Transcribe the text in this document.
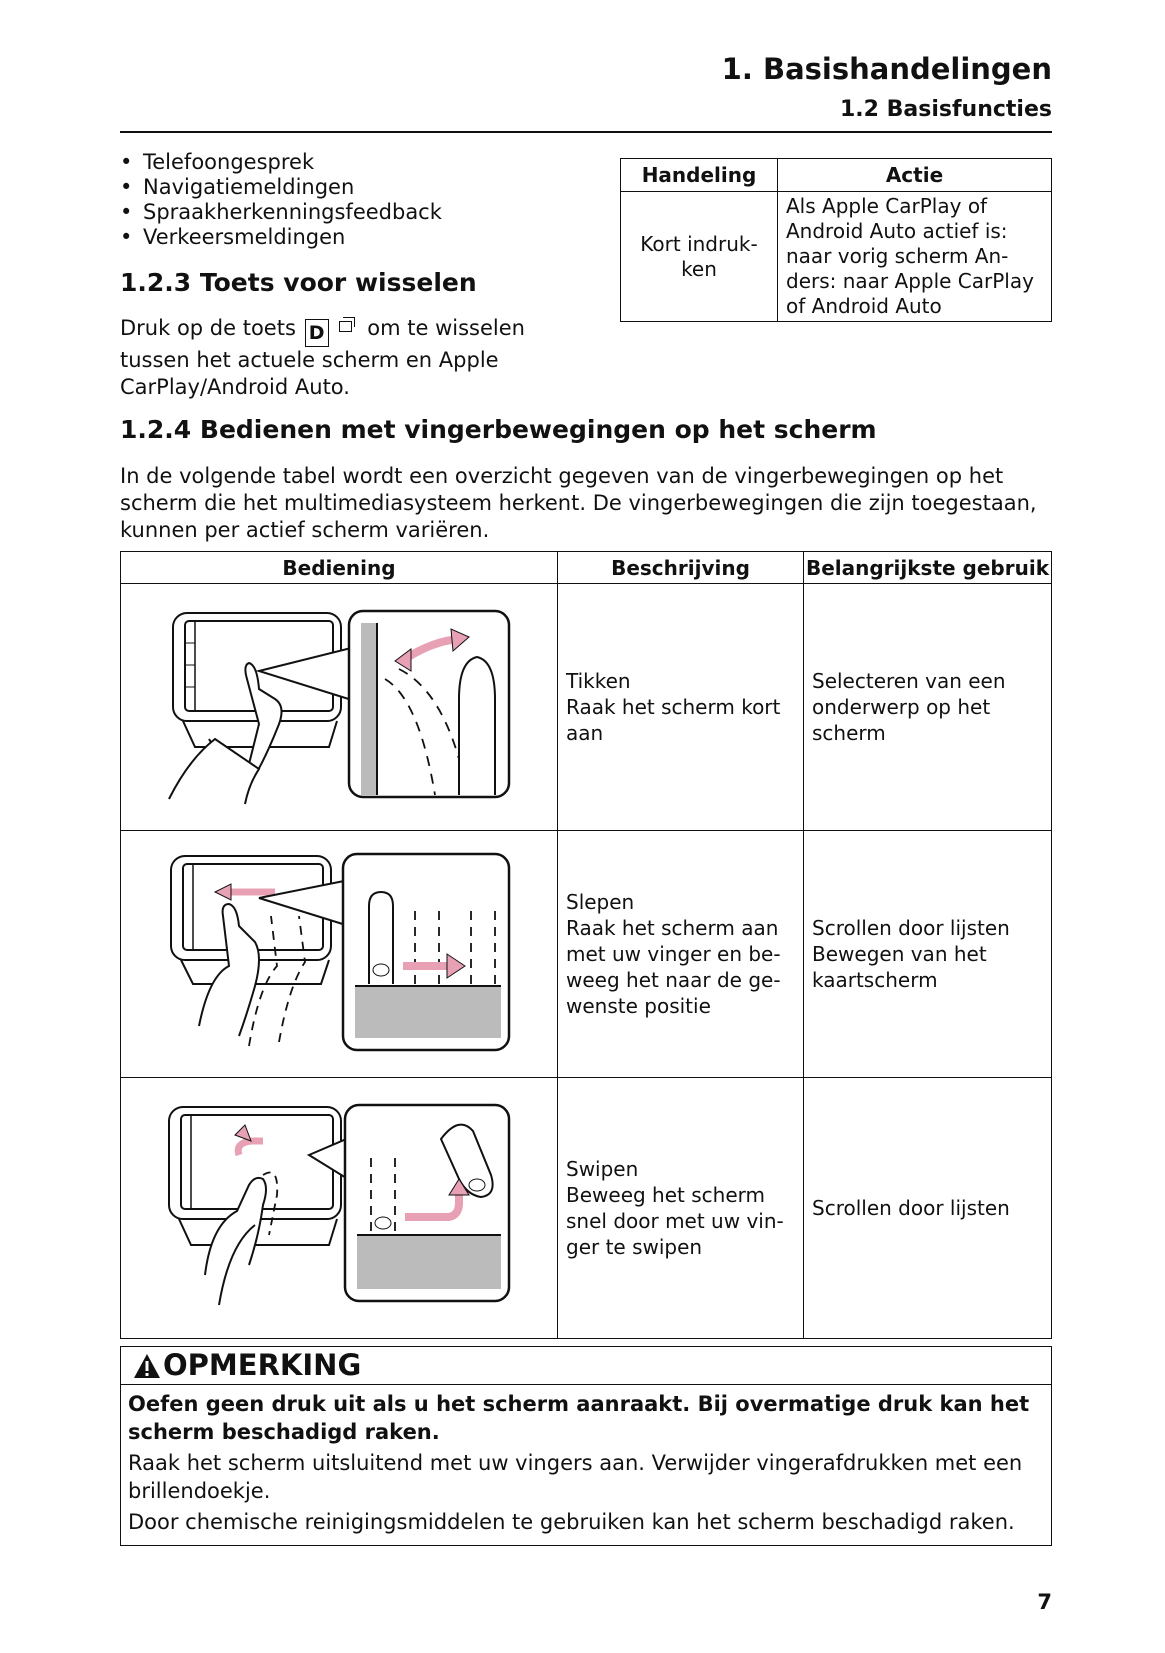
1. Basishandelingen
1.2 Basisfuncties
• Telefoongesprek
• Navigatiemeldingen
• Spraakherkenningsfeedback
• Verkeersmeldingen
1.2.3 Toets voor wisselen
Druk op de toets D om te wisselen tussen het actuele scherm en Apple CarPlay/Android Auto.
Handeling	Actie
Kort indruk-
ken	Als Apple CarPlay of
Android Auto actief is:
naar vorig scherm An-
ders: naar Apple CarPlay
of Android Auto
1.2.4 Bedienen met vingerbewegingen op het scherm
In de volgende tabel wordt een overzicht gegeven van de vingerbewegingen op het scherm die het multimediasysteem herkent. De vingerbewegingen die zijn toegestaan, kunnen per actief scherm variëren.
Bediening	Beschrijving	Belangrijkste gebruik
	Tikken
Raak het scherm kort
aan	Selecteren van een
onderwerp op het
scherm
	Slepen
Raak het scherm aan
met uw vinger en be-
weeg het naar de ge-
wenste positie	Scrollen door lijsten
Bewegen van het
kaartscherm
	Swipen
Beweeg het scherm
snel door met uw vin-
ger te swipen	Scrollen door lijsten
OPMERKING

Oefen geen druk uit als u het scherm aanraakt. Bij overmatige druk kan het scherm beschadigd raken.

Raak het scherm uitsluitend met uw vingers aan. Verwijder vingerafdrukken met een brillendoekje.

Door chemische reinigingsmiddelen te gebruiken kan het scherm beschadigd raken.

7
